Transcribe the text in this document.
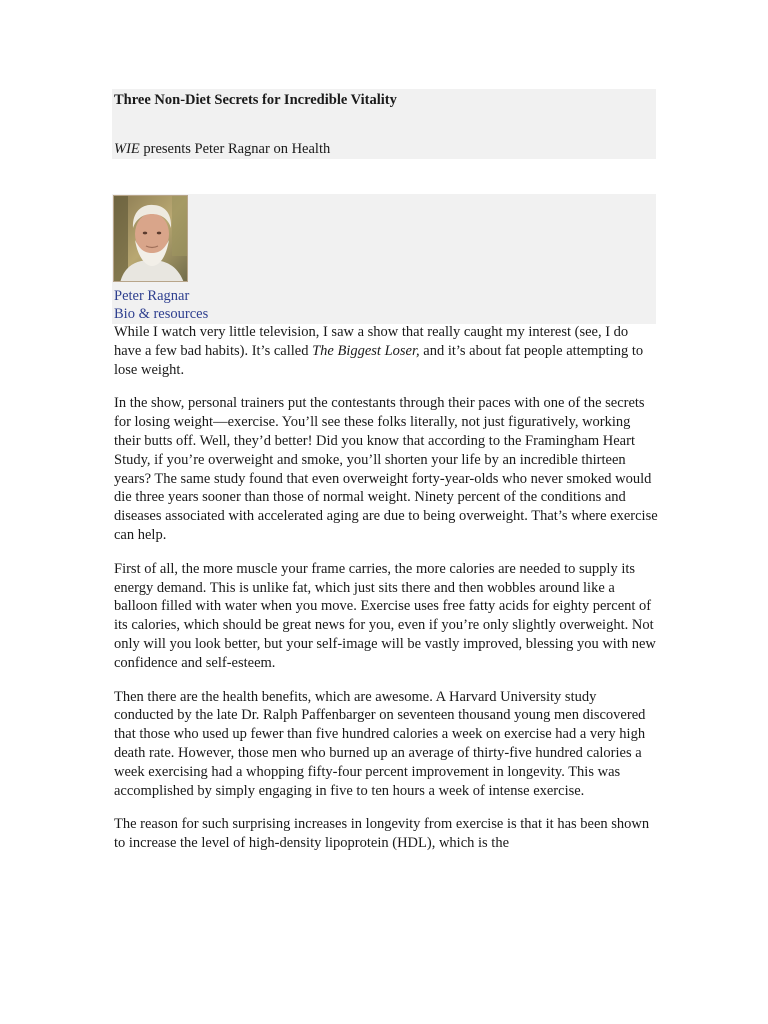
Three Non-Diet Secrets for Incredible Vitality
WIE presents Peter Ragnar on Health
Peter Ragnar
Bio & resources

While I watch very little television, I saw a show that really caught my interest (see, I do have a few bad habits). It’s called The Biggest Loser, and it’s about fat people attempting to lose weight.

In the show, personal trainers put the contestants through their paces with one of the secrets for losing weight—exercise. You’ll see these folks literally, not just figuratively, working their butts off. Well, they’d better! Did you know that according to the Framingham Heart Study, if you’re overweight and smoke, you’ll shorten your life by an incredible thirteen years? The same study found that even overweight forty-year-olds who never smoked would die three years sooner than those of normal weight. Ninety percent of the conditions and diseases associated with accelerated aging are due to being overweight. That’s where exercise can help.

First of all, the more muscle your frame carries, the more calories are needed to supply its energy demand. This is unlike fat, which just sits there and then wobbles around like a balloon filled with water when you move. Exercise uses free fatty acids for eighty percent of its calories, which should be great news for you, even if you’re only slightly overweight. Not only will you look better, but your self-image will be vastly improved, blessing you with new confidence and self-esteem.

Then there are the health benefits, which are awesome. A Harvard University study conducted by the late Dr. Ralph Paffenbarger on seventeen thousand young men discovered that those who used up fewer than five hundred calories a week on exercise had a very high death rate. However, those men who burned up an average of thirty-five hundred calories a week exercising had a whopping fifty-four percent improvement in longevity. This was accomplished by simply engaging in five to ten hours a week of intense exercise.

The reason for such surprising increases in longevity from exercise is that it has been shown to increase the level of high-density lipoprotein (HDL), which is the
